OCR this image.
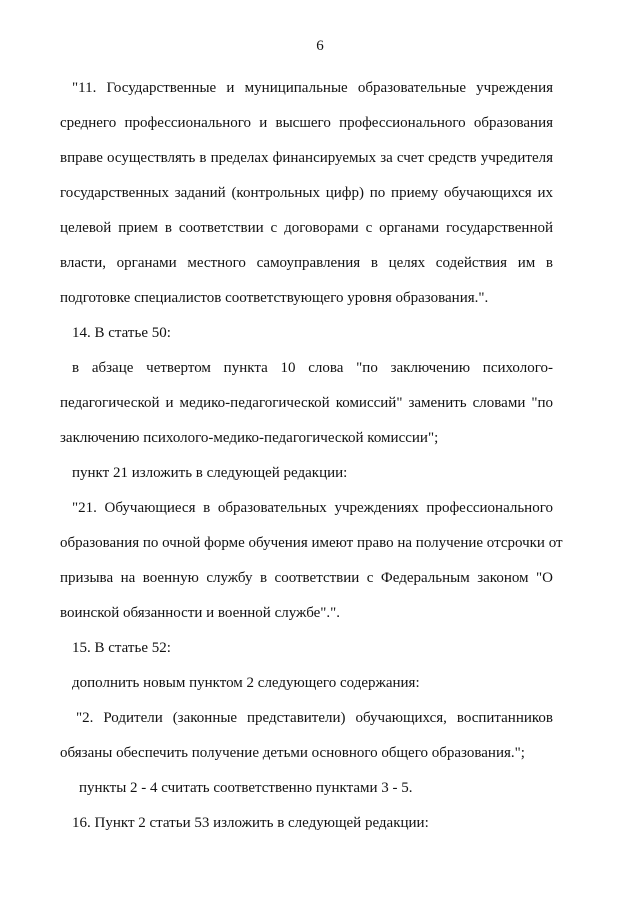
6
"11. Государственные и муниципальные образовательные учреждения
среднего профессионального и высшего профессионального образования
вправе осуществлять в пределах финансируемых за счет средств учредителя
государственных заданий (контрольных цифр) по приему обучающихся их
целевой прием в соответствии с договорами с органами государственной
власти, органами местного самоуправления в целях содействия им в
подготовке специалистов соответствующего уровня образования.".
14. В статье 50:
в абзаце четвертом пункта 10 слова "по заключению психолого-
педагогической и медико-педагогической комиссий" заменить словами "по
заключению психолого-медико-педагогической комиссии";
пункт 21 изложить в следующей редакции:
"21. Обучающиеся в образовательных учреждениях профессионального
образования по очной форме обучения имеют право на получение отсрочки от
призыва на военную службу в соответствии с Федеральным законом "О
воинской обязанности и военной службе".".
15. В статье 52:
дополнить новым пунктом 2 следующего содержания:
"2. Родители (законные представители) обучающихся, воспитанников
обязаны обеспечить получение детьми основного общего образования.";
пункты 2 - 4 считать соответственно пунктами 3 - 5.
16. Пункт 2 статьи 53 изложить в следующей редакции:
